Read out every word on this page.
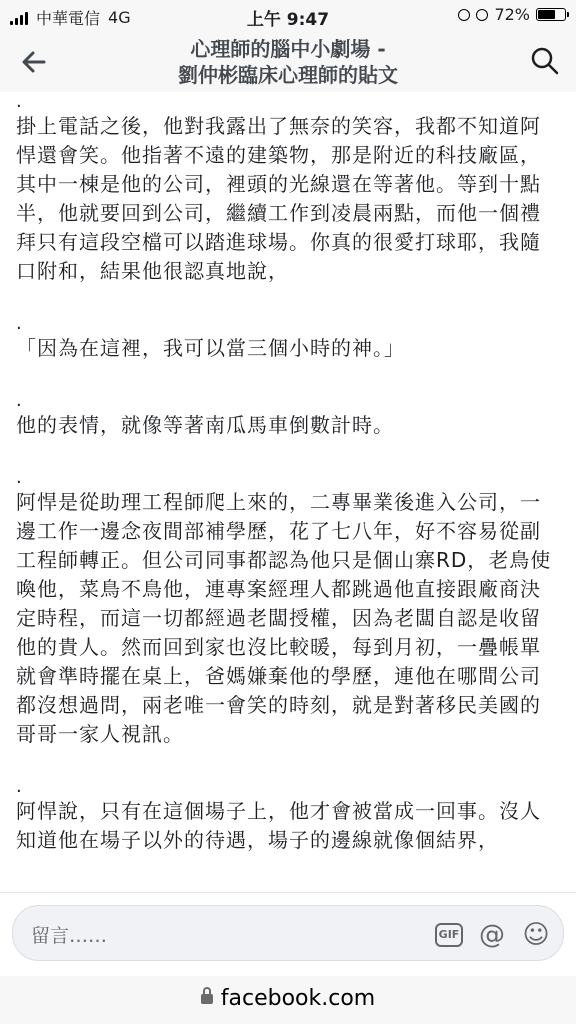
中華電信 4G	上午 9:47	72%
心理師的腦中小劇場 -
劉仲彬臨床心理師的貼文
.

掛上電話之後，他對我露出了無奈的笑容，我都不知道阿悍還會笑。他指著不遠的建築物，那是附近的科技廠區，其中一棟是他的公司，裡頭的光線還在等著他。等到十點半，他就要回到公司，繼續工作到凌晨兩點，而他一個禮拜只有這段空檔可以踏進球場。你真的很愛打球耶，我隨口附和，結果他很認真地說，

.

「因為在這裡，我可以當三個小時的神。」

.

他的表情，就像等著南瓜馬車倒數計時。

.

阿悍是從助理工程師爬上來的，二專畢業後進入公司，一邊工作一邊念夜間部補學歷，花了七八年，好不容易從副工程師轉正。但公司同事都認為他只是個山寨RD，老鳥使喚他，菜鳥不鳥他，連專案經理人都跳過他直接跟廠商決定時程，而這一切都經過老闆授權，因為老闆自認是收留他的貴人。然而回到家也沒比較暖，每到月初，一疊帳單就會準時擺在桌上，爸媽嫌棄他的學歷，連他在哪間公司都沒想過問，兩老唯一會笑的時刻，就是對著移民美國的哥哥一家人視訊。

.

阿悍說，只有在這個場子上，他才會被當成一回事。沒人知道他在場子以外的待遇，場子的邊線就像個結界，

留言……	GIF @ ☺
facebook.com
